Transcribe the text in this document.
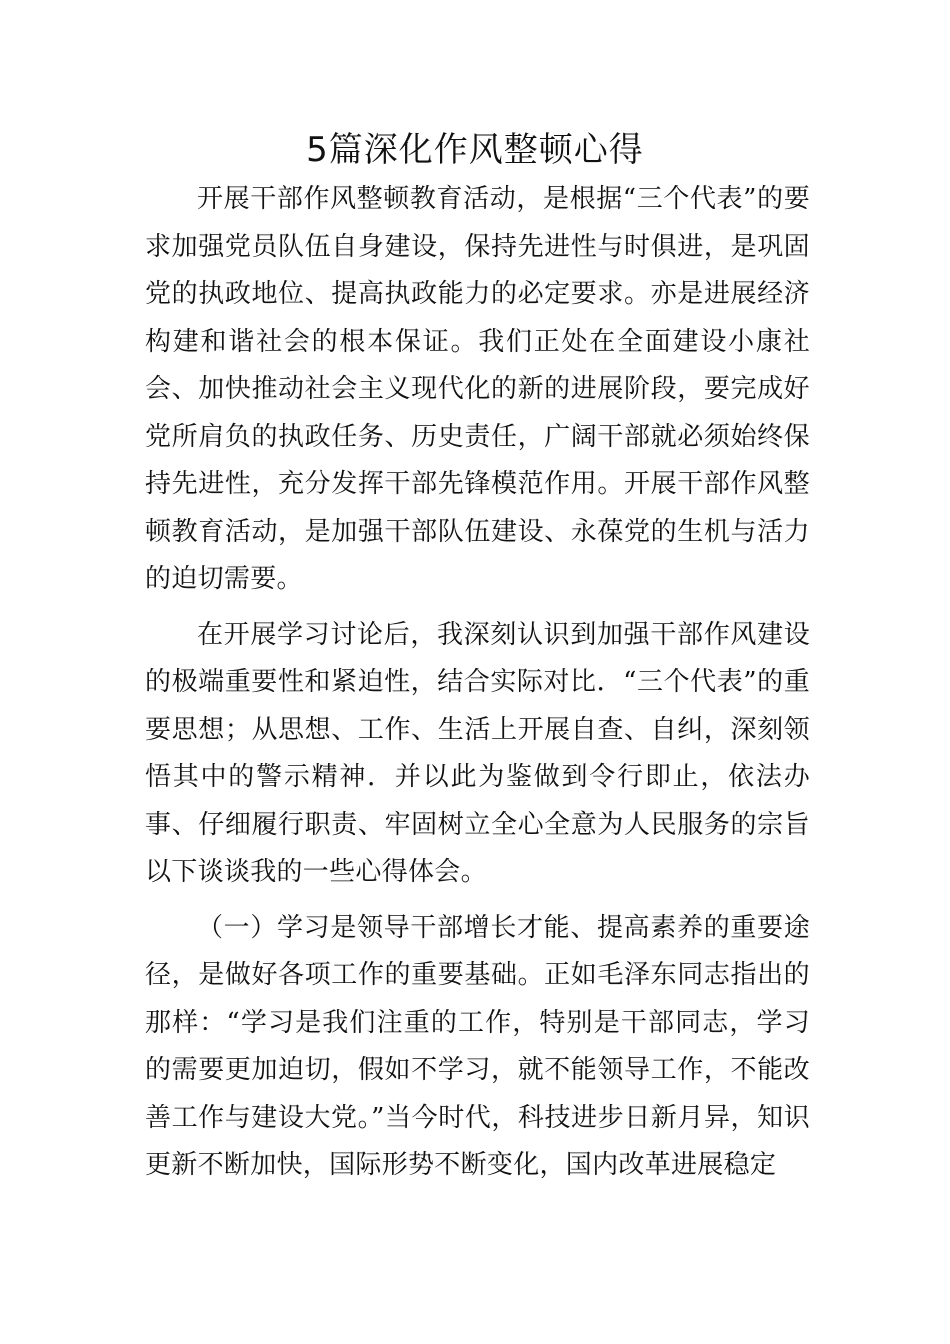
5篇深化作风整顿心得

开展干部作风整顿教育活动，是根据“三个代表”的要求加强党员队伍自身建设，保持先进性与时俱进，是巩固党的执政地位、提高执政能力的必定要求。亦是进展经济构建和谐社会的根本保证。我们正处在全面建设小康社会、加快推动社会主义现代化的新的进展阶段，要完成好党所肩负的执政任务、历史责任，广阔干部就必须始终保持先进性，充分发挥干部先锋模范作用。开展干部作风整顿教育活动，是加强干部队伍建设、永葆党的生机与活力的迫切需要。

在开展学习讨论后，我深刻认识到加强干部作风建设的极端重要性和紧迫性，结合实际对比．“三个代表”的重要思想；从思想、工作、生活上开展自查、自纠，深刻领悟其中的警示精神．并以此为鉴做到令行即止，依法办事、仔细履行职责、牢固树立全心全意为人民服务的宗旨以下谈谈我的一些心得体会。

（一）学习是领导干部增长才能、提高素养的重要途径，是做好各项工作的重要基础。正如毛泽东同志指出的那样：“学习是我们注重的工作，特别是干部同志，学习的需要更加迫切，假如不学习，就不能领导工作，不能改善工作与建设大党。”当今时代，科技进步日新月异，知识更新不断加快，国际形势不断变化，国内改革进展稳定
